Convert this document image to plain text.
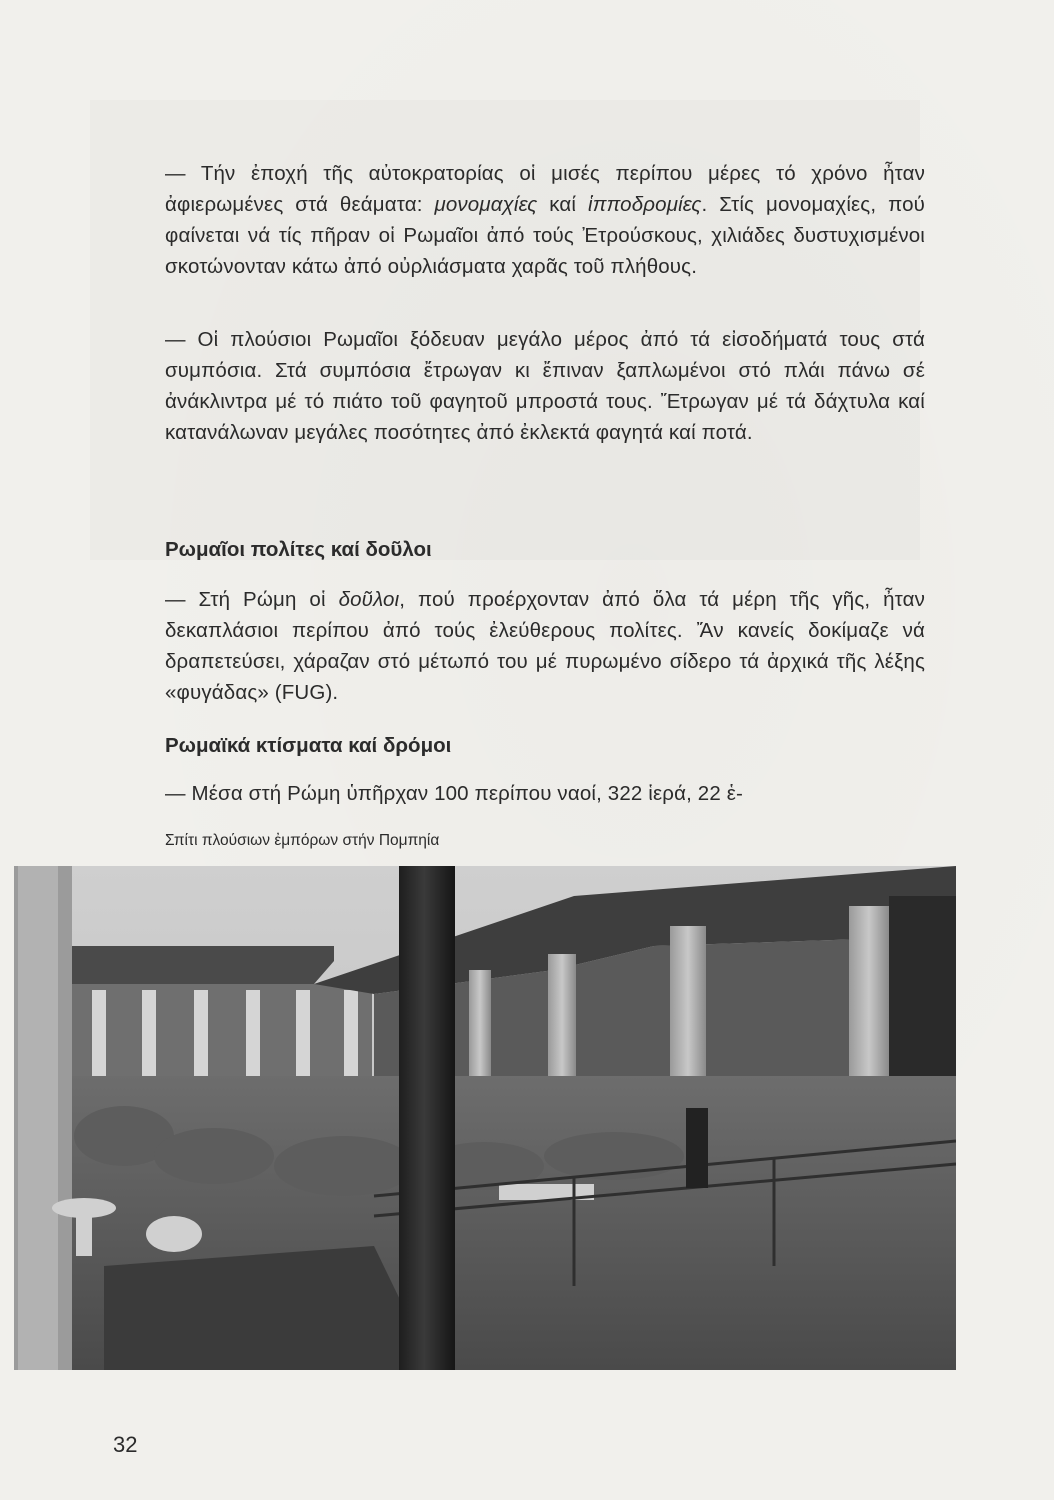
— Τήν ἐποχή τῆς αὐτοκρατορίας οἱ μισές περίπου μέρες τό χρόνο ἦταν ἀφιερωμένες στά θεάματα: μονομαχίες καί ἱπποδρομίες. Στίς μονομαχίες, πού φαίνεται νά τίς πῆραν οἱ Ρωμαῖοι ἀπό τούς Ἐτρούσκους, χιλιάδες δυστυχισμένοι σκοτώνονταν κάτω ἀπό οὐρλιάσματα χαρᾶς τοῦ πλήθους.

— Οἱ πλούσιοι Ρωμαῖοι ξόδευαν μεγάλο μέρος ἀπό τά εἰσοδήματά τους στά συμπόσια. Στά συμπόσια ἔτρωγαν κι ἔπιναν ξαπλωμένοι στό πλάι πάνω σέ ἀνάκλιντρα μέ τό πιάτο τοῦ φαγητοῦ μπροστά τους. Ἔτρωγαν μέ τά δάχτυλα καί κατανάλωναν μεγάλες ποσότητες ἀπό ἐκλεκτά φαγητά καί ποτά.

Ρωμαῖοι πολίτες καί δοῦλοι

— Στή Ρώμη οἱ δοῦλοι, πού προέρχονταν ἀπό ὅλα τά μέρη τῆς γῆς, ἦταν δεκαπλάσιοι περίπου ἀπό τούς ἐλεύθερους πολίτες. Ἄν κανείς δοκίμαζε νά δραπετεύσει, χάραζαν στό μέτωπό του μέ πυρωμένο σίδερο τά ἀρχικά τῆς λέξης «φυγάδας» (FUG).

Ρωμαϊκά κτίσματα καί δρόμοι

— Μέσα στή Ρώμη ὑπῆρχαν 100 περίπου ναοί, 322 ἱερά, 22 ἑ-

Σπίτι πλούσιων ἐμπόρων στήν Πομπηία

32
